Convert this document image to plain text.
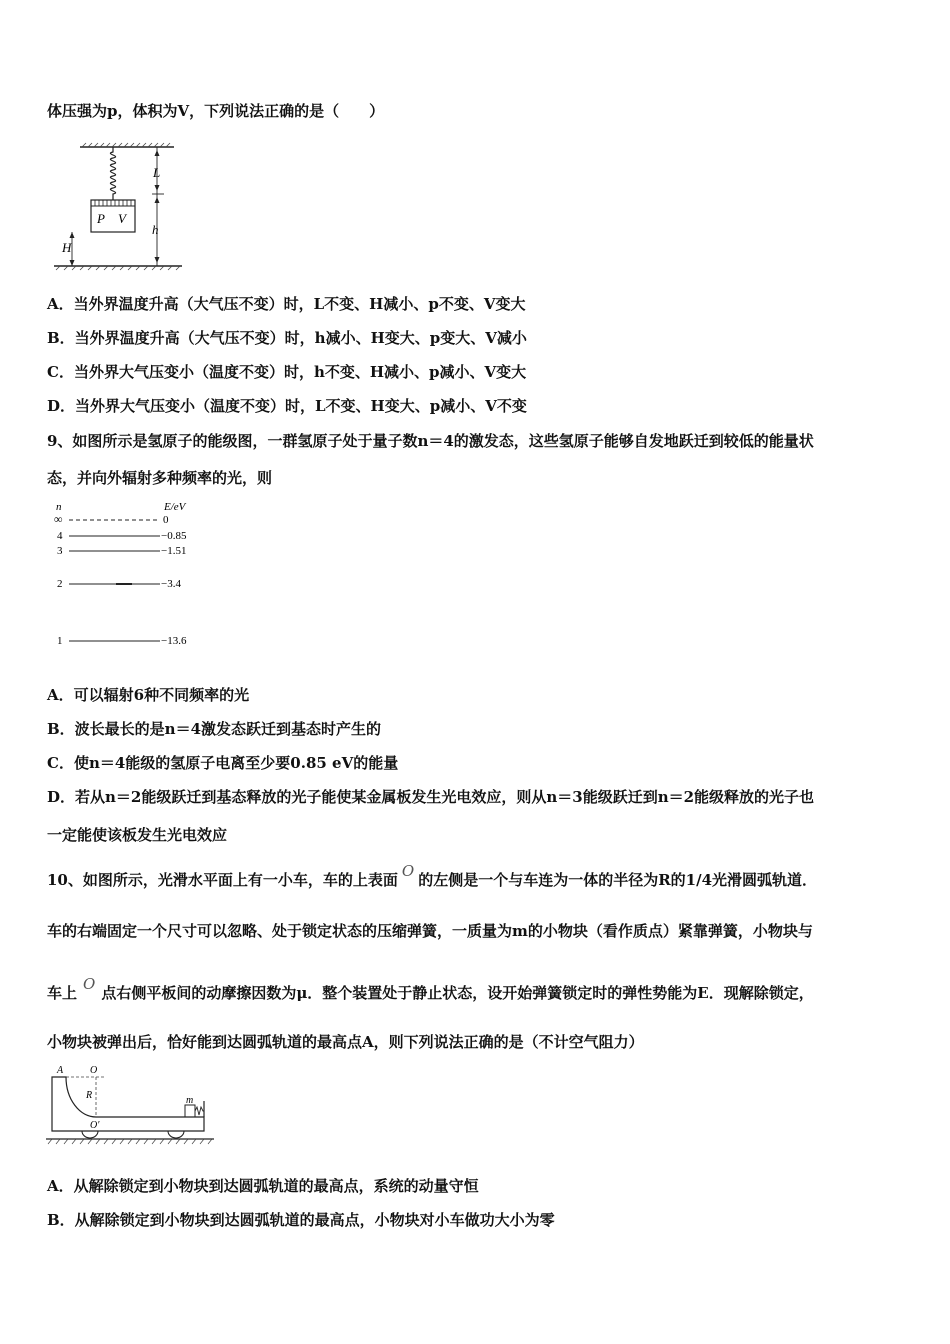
体压强为p，体积为V，下列说法正确的是（　　）
P V
H
L
h
A．当外界温度升高（大气压不变）时，L不变、H减小、p不变、V变大
B．当外界温度升高（大气压不变）时，h减小、H变大、p变大、V减小
C．当外界大气压变小（温度不变）时，h不变、H减小、p减小、V变大
D．当外界大气压变小（温度不变）时，L不变、H变大、p减小、V不变
9、如图所示是氢原子的能级图，一群氢原子处于量子数n＝4的激发态，这些氢原子能够自发地跃迁到较低的能量状
态，并向外辐射多种频率的光，则
n	E/eV
∞	0
4	−0.85
3	−1.51
2	−3.4
1	−13.6
A．可以辐射6种不同频率的光
B．波长最长的是n＝4激发态跃迁到基态时产生的
C．使n＝4能级的氢原子电离至少要0.85 eV的能量
D．若从n＝2能级跃迁到基态释放的光子能使某金属板发生光电效应，则从n＝3能级跃迁到n＝2能级释放的光子也
一定能使该板发生光电效应
10、如图所示，光滑水平面上有一小车，车的上表面 O 的左侧是一个与车连为一体的半径为R的1/4光滑圆弧轨道．
车的右端固定一个尺寸可以忽略、处于锁定状态的压缩弹簧，一质量为m的小物块（看作质点）紧靠弹簧，小物块与
车上 O 点右侧平板间的动摩擦因数为μ．整个装置处于静止状态，设开始弹簧锁定时的弹性势能为E．现解除锁定，
小物块被弹出后，恰好能到达圆弧轨道的最高点A，则下列说法正确的是（不计空气阻力）
A	O
R	m
O′
A．从解除锁定到小物块到达圆弧轨道的最高点，系统的动量守恒
B．从解除锁定到小物块到达圆弧轨道的最高点，小物块对小车做功大小为零
